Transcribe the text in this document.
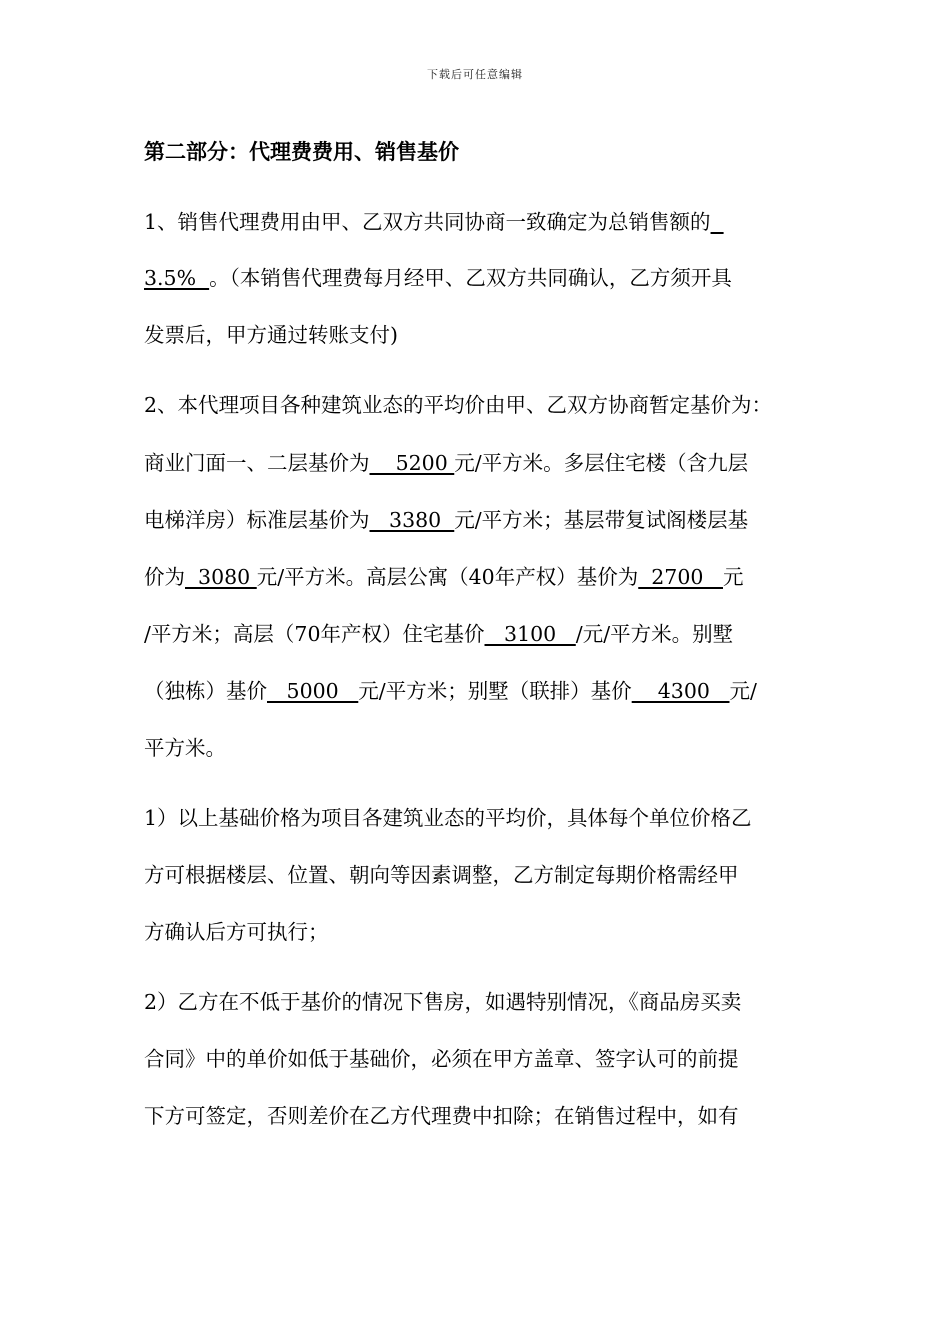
下载后可任意编辑
第二部分：代理费费用、销售基价
1、销售代理费用由甲、乙双方共同协商一致确定为总销售额的
3.5%  。（本销售代理费每月经甲、乙双方共同确认，乙方须开具
发票后，甲方通过转账支付)
2、本代理项目各种建筑业态的平均价由甲、乙双方协商暂定基价为：
商业门面一、二层基价为    5200 元/平方米。多层住宅楼（含九层
电梯洋房）标准层基价为   3380  元/平方米；基层带复试阁楼层基
价为  3080 元/平方米。高层公寓（40年产权）基价为  2700   元
/平方米；高层（70年产权）住宅基价   3100   /元/平方米。别墅
（独栋）基价   5000   元/平方米；别墅（联排）基价    4300   元/
平方米。
1）以上基础价格为项目各建筑业态的平均价，具体每个单位价格乙
方可根据楼层、位置、朝向等因素调整，乙方制定每期价格需经甲
方确认后方可执行；
2）乙方在不低于基价的情况下售房，如遇特别情况，《商品房买卖
合同》中的单价如低于基础价，必须在甲方盖章、签字认可的前提
下方可签定，否则差价在乙方代理费中扣除；在销售过程中，如有
